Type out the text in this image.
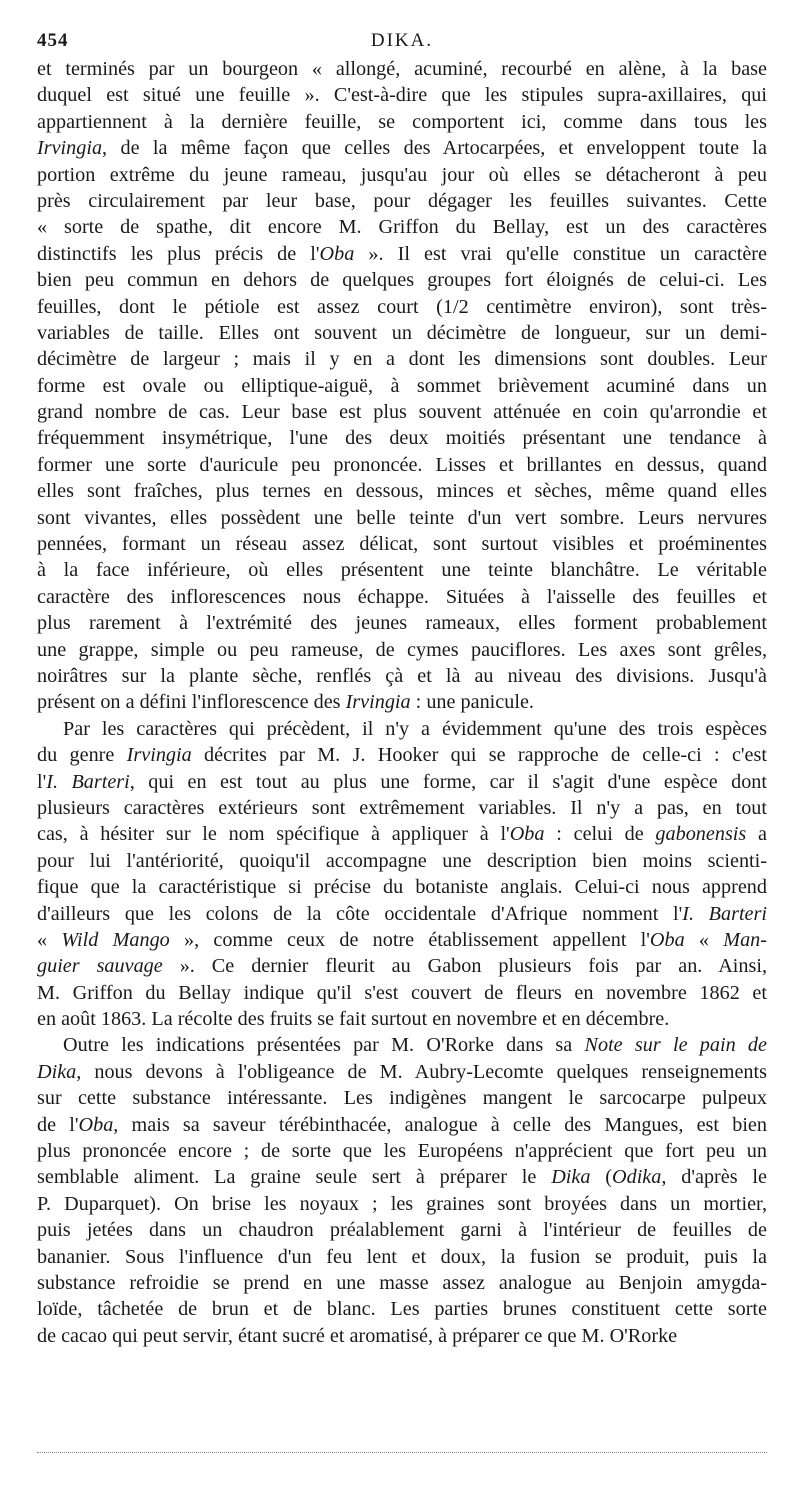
454	DIKA.
et terminés par un bourgeon « allongé, acuminé, recourbé en alène, à la base
duquel est situé une feuille ». C'est-à-dire que les stipules supra-axillaires, qui
appartiennent à la dernière feuille, se comportent ici, comme dans tous les
Irvingia, de la même façon que celles des Artocarpées, et enveloppent toute la
portion extrême du jeune rameau, jusqu'au jour où elles se détacheront à peu
près circulairement par leur base, pour dégager les feuilles suivantes. Cette
« sorte de spathe, dit encore M. Griffon du Bellay, est un des caractères
distinctifs les plus précis de l'Oba ». Il est vrai qu'elle constitue un caractère
bien peu commun en dehors de quelques groupes fort éloignés de celui-ci. Les
feuilles, dont le pétiole est assez court (1/2 centimètre environ), sont très-
variables de taille. Elles ont souvent un décimètre de longueur, sur un demi-
décimètre de largeur ; mais il y en a dont les dimensions sont doubles. Leur
forme est ovale ou elliptique-aiguë, à sommet brièvement acuminé dans un
grand nombre de cas. Leur base est plus souvent atténuée en coin qu'arrondie et
fréquemment insymétrique, l'une des deux moitiés présentant une tendance à
former une sorte d'auricule peu prononcée. Lisses et brillantes en dessus, quand
elles sont fraîches, plus ternes en dessous, minces et sèches, même quand elles
sont vivantes, elles possèdent une belle teinte d'un vert sombre. Leurs nervures
pennées, formant un réseau assez délicat, sont surtout visibles et proéminentes
à la face inférieure, où elles présentent une teinte blanchâtre. Le véritable
caractère des inflorescences nous échappe. Situées à l'aisselle des feuilles et
plus rarement à l'extrémité des jeunes rameaux, elles forment probablement
une grappe, simple ou peu rameuse, de cymes pauciflores. Les axes sont grêles,
noirâtres sur la plante sèche, renflés çà et là au niveau des divisions. Jusqu'à
présent on a défini l'inflorescence des Irvingia : une panicule.
Par les caractères qui précèdent, il n'y a évidemment qu'une des trois espèces
du genre Irvingia décrites par M. J. Hooker qui se rapproche de celle-ci : c'est
l'I. Barteri, qui en est tout au plus une forme, car il s'agit d'une espèce dont
plusieurs caractères extérieurs sont extrêmement variables. Il n'y a pas, en tout
cas, à hésiter sur le nom spécifique à appliquer à l'Oba : celui de gabonensis a
pour lui l'antériorité, quoiqu'il accompagne une description bien moins scienti-
fique que la caractéristique si précise du botaniste anglais. Celui-ci nous apprend
d'ailleurs que les colons de la côte occidentale d'Afrique nomment l'I. Barteri
« Wild Mango », comme ceux de notre établissement appellent l'Oba « Man-
guier sauvage ». Ce dernier fleurit au Gabon plusieurs fois par an. Ainsi,
M. Griffon du Bellay indique qu'il s'est couvert de fleurs en novembre 1862 et
en août 1863. La récolte des fruits se fait surtout en novembre et en décembre.
Outre les indications présentées par M. O'Rorke dans sa Note sur le pain de
Dika, nous devons à l'obligeance de M. Aubry-Lecomte quelques renseignements
sur cette substance intéressante. Les indigènes mangent le sarcocarpe pulpeux
de l'Oba, mais sa saveur térébinthacée, analogue à celle des Mangues, est bien
plus prononcée encore ; de sorte que les Européens n'apprécient que fort peu un
semblable aliment. La graine seule sert à préparer le Dika (Odika, d'après le
P. Duparquet). On brise les noyaux ; les graines sont broyées dans un mortier,
puis jetées dans un chaudron préalablement garni à l'intérieur de feuilles de
bananier. Sous l'influence d'un feu lent et doux, la fusion se produit, puis la
substance refroidie se prend en une masse assez analogue au Benjoin amygda-
loïde, tâchetée de brun et de blanc. Les parties brunes constituent cette sorte
de cacao qui peut servir, étant sucré et aromatisé, à préparer ce que M. O'Rorke
